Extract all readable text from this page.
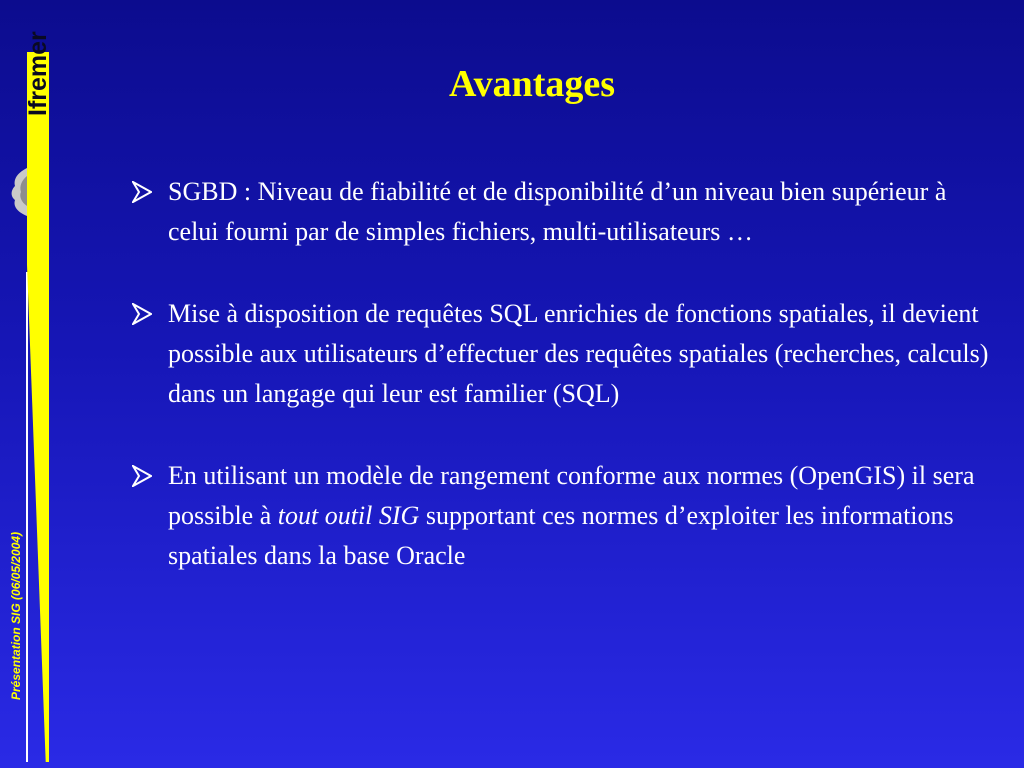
Ifremer
Présentation SIG (06/05/2004)
Avantages
SGBD : Niveau de fiabilité et de disponibilité d’un niveau bien supérieur à celui fourni par de simples fichiers, multi-utilisateurs …
Mise à disposition de requêtes SQL enrichies de fonctions spatiales, il devient possible aux utilisateurs d’effectuer des requêtes spatiales (recherches, calculs) dans un langage qui leur est familier (SQL)
En utilisant un modèle de rangement conforme aux normes (OpenGIS) il sera possible à tout outil SIG supportant ces normes d’exploiter les informations spatiales dans la base Oracle
